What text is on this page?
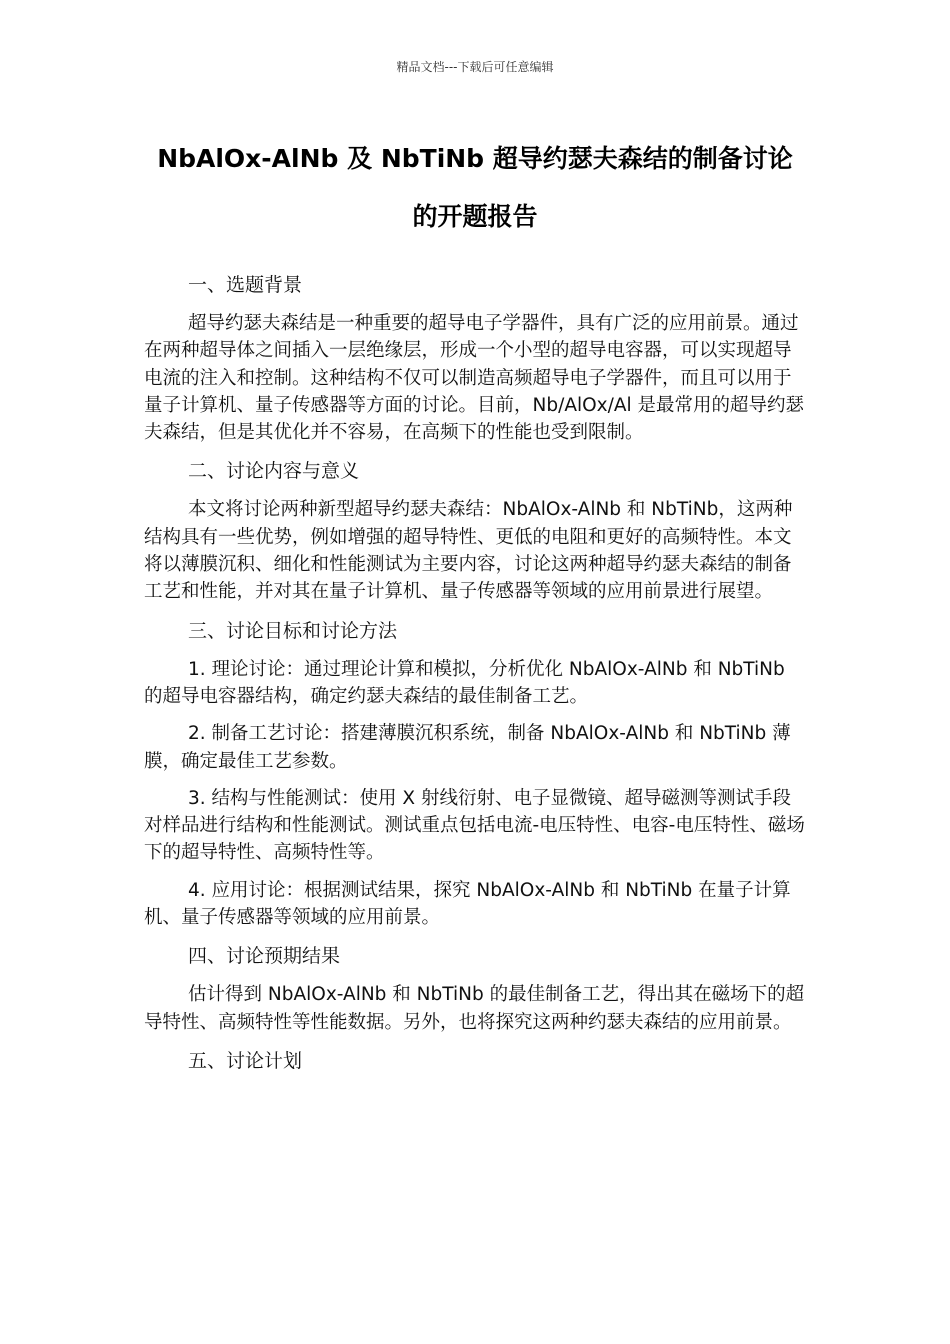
精品文档---下载后可任意编辑
NbAlOx-AlNb 及 NbTiNb 超导约瑟夫森结的制备讨论
的开题报告

一、选题背景

超导约瑟夫森结是一种重要的超导电子学器件，具有广泛的应用前景。通过在两种超导体之间插入一层绝缘层，形成一个小型的超导电容器，可以实现超导电流的注入和控制。这种结构不仅可以制造高频超导电子学器件，而且可以用于量子计算机、量子传感器等方面的讨论。目前，Nb/AlOx/Al 是最常用的超导约瑟夫森结，但是其优化并不容易，在高频下的性能也受到限制。

二、讨论内容与意义

本文将讨论两种新型超导约瑟夫森结：NbAlOx-AlNb 和 NbTiNb，这两种结构具有一些优势，例如增强的超导特性、更低的电阻和更好的高频特性。本文将以薄膜沉积、细化和性能测试为主要内容，讨论这两种超导约瑟夫森结的制备工艺和性能，并对其在量子计算机、量子传感器等领域的应用前景进行展望。

三、讨论目标和讨论方法

1. 理论讨论：通过理论计算和模拟，分析优化 NbAlOx-AlNb 和 NbTiNb 的超导电容器结构，确定约瑟夫森结的最佳制备工艺。

2. 制备工艺讨论：搭建薄膜沉积系统，制备 NbAlOx-AlNb 和 NbTiNb 薄膜，确定最佳工艺参数。

3. 结构与性能测试：使用 X 射线衍射、电子显微镜、超导磁测等测试手段对样品进行结构和性能测试。测试重点包括电流-电压特性、电容-电压特性、磁场下的超导特性、高频特性等。

4. 应用讨论：根据测试结果，探究 NbAlOx-AlNb 和 NbTiNb 在量子计算机、量子传感器等领域的应用前景。

四、讨论预期结果

估计得到 NbAlOx-AlNb 和 NbTiNb 的最佳制备工艺，得出其在磁场下的超导特性、高频特性等性能数据。另外，也将探究这两种约瑟夫森结的应用前景。

五、讨论计划
